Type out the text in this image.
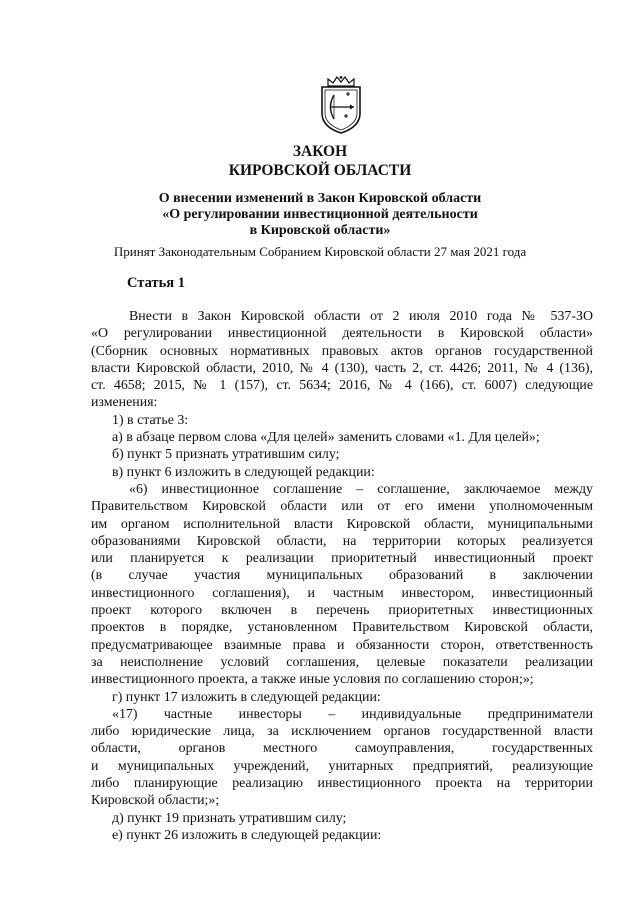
ЗАКОН
КИРОВСКОЙ ОБЛАСТИ
О внесении изменений в Закон Кировской области
«О регулировании инвестиционной деятельности
в Кировской области»
Принят Законодательным Собранием Кировской области 27 мая 2021 года
Статья 1

Внести в Закон Кировской области от 2 июля 2010 года № 537-ЗО

«О регулировании инвестиционной деятельности в Кировской области»

(Сборник основных нормативных правовых актов органов государственной

власти Кировской области, 2010, № 4 (130), часть 2, ст. 4426; 2011, № 4 (136),

ст. 4658; 2015, № 1 (157), ст. 5634; 2016, № 4 (166), ст. 6007) следующие

изменения:

1) в статье 3:

а) в абзаце первом слова «Для целей» заменить словами «1. Для целей»;

б) пункт 5 признать утратившим силу;

в) пункт 6 изложить в следующей редакции:

«6) инвестиционное соглашение – соглашение, заключаемое между

Правительством Кировской области или от его имени уполномоченным

им органом исполнительной власти Кировской области, муниципальными

образованиями Кировской области, на территории которых реализуется

или планируется к реализации приоритетный инвестиционный проект

(в случае участия муниципальных образований в заключении

инвестиционного соглашения), и частным инвестором, инвестиционный

проект которого включен в перечень приоритетных инвестиционных

проектов в порядке, установленном Правительством Кировской области,

предусматривающее взаимные права и обязанности сторон, ответственность

за неисполнение условий соглашения, целевые показатели реализации

инвестиционного проекта, а также иные условия по соглашению сторон;»;

г) пункт 17 изложить в следующей редакции:

«17) частные инвесторы – индивидуальные предприниматели

либо юридические лица, за исключением органов государственной власти

области, органов местного самоуправления, государственных

и муниципальных учреждений, унитарных предприятий, реализующие

либо планирующие реализацию инвестиционного проекта на территории

Кировской области;»;

д) пункт 19 признать утратившим силу;

е) пункт 26 изложить в следующей редакции:
